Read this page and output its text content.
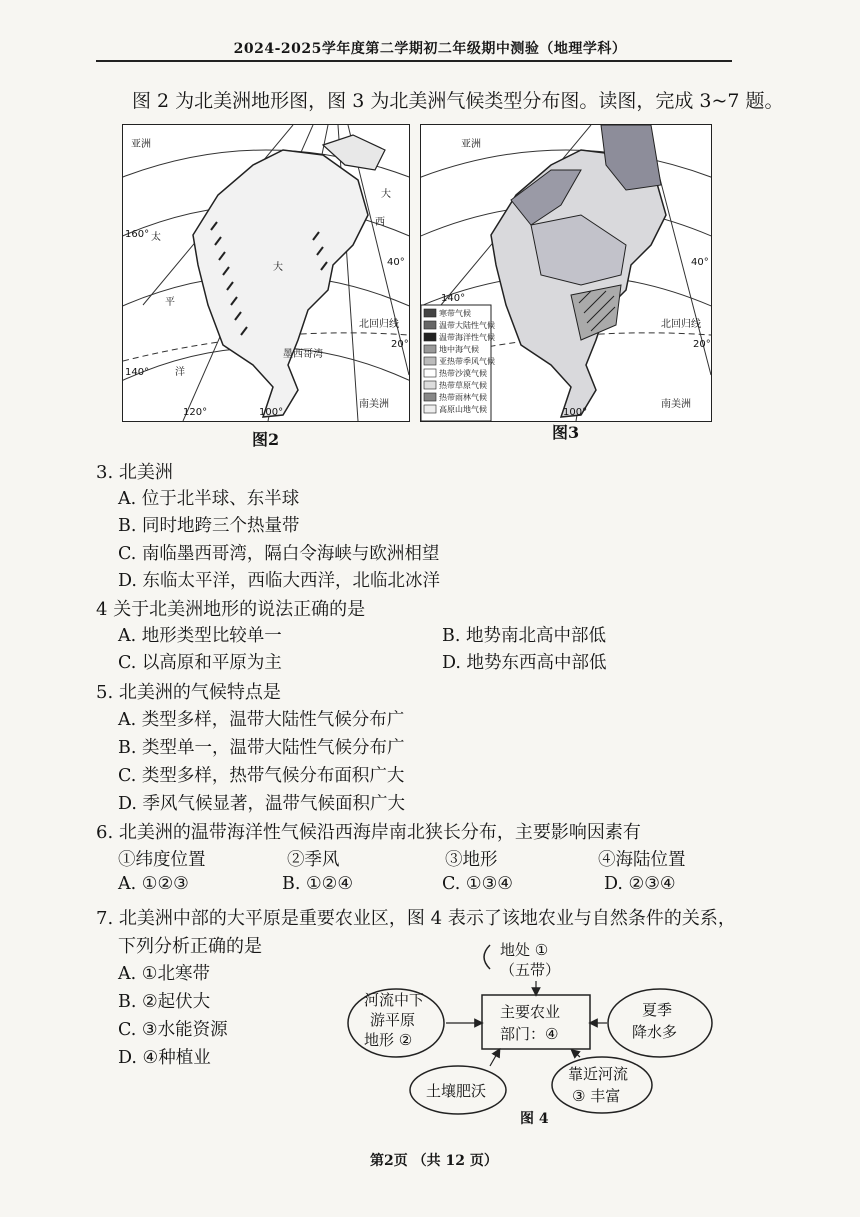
2024-2025学年度第二学期初二年级期中测验（地理学科）
图 2 为北美洲地形图，图 3 为北美洲气候类型分布图。读图，完成 3~7 题。
亚洲
大
西
太
平
洋
大	40°
160°
20°
140°
120°	100°
北回归线
南美洲
墨西哥湾
图2
寒带气候
温带大陆性气候
温带海洋性气候
地中海气候
亚热带季风气候
热带沙漠气候
热带草原气候
热带雨林气候
高原山地气候
亚洲
40°
140°
20°
100°
北回归线
南美洲
图3
3. 北美洲
A. 位于北半球、东半球
B. 同时地跨三个热量带
C. 南临墨西哥湾，隔白令海峡与欧洲相望
D. 东临太平洋，西临大西洋，北临北冰洋
4 关于北美洲地形的说法正确的是
A. 地形类型比较单一	B. 地势南北高中部低
C. 以高原和平原为主	D. 地势东西高中部低
5. 北美洲的气候特点是
A. 类型多样，温带大陆性气候分布广
B. 类型单一，温带大陆性气候分布广
C. 类型多样，热带气候分布面积广大
D. 季风气候显著，温带气候面积广大
6. 北美洲的温带海洋性气候沿西海岸南北狭长分布，主要影响因素有
①纬度位置	②季风	③地形	④海陆位置
A. ①②③	B. ①②④	C. ①③④	D. ②③④
7. 北美洲中部的大平原是重要农业区，图 4 表示了该地农业与自然条件的关系，
下列分析正确的是
A. ①北寒带
B. ②起伏大
C. ③水能资源
D. ④种植业
地处 ①
（五带）
主要农业
部门：④
河流中下
游平原
地形 ②
夏季
降水多
土壤肥沃
靠近河流
③ 丰富
图 4
第2页 （共 12 页）
